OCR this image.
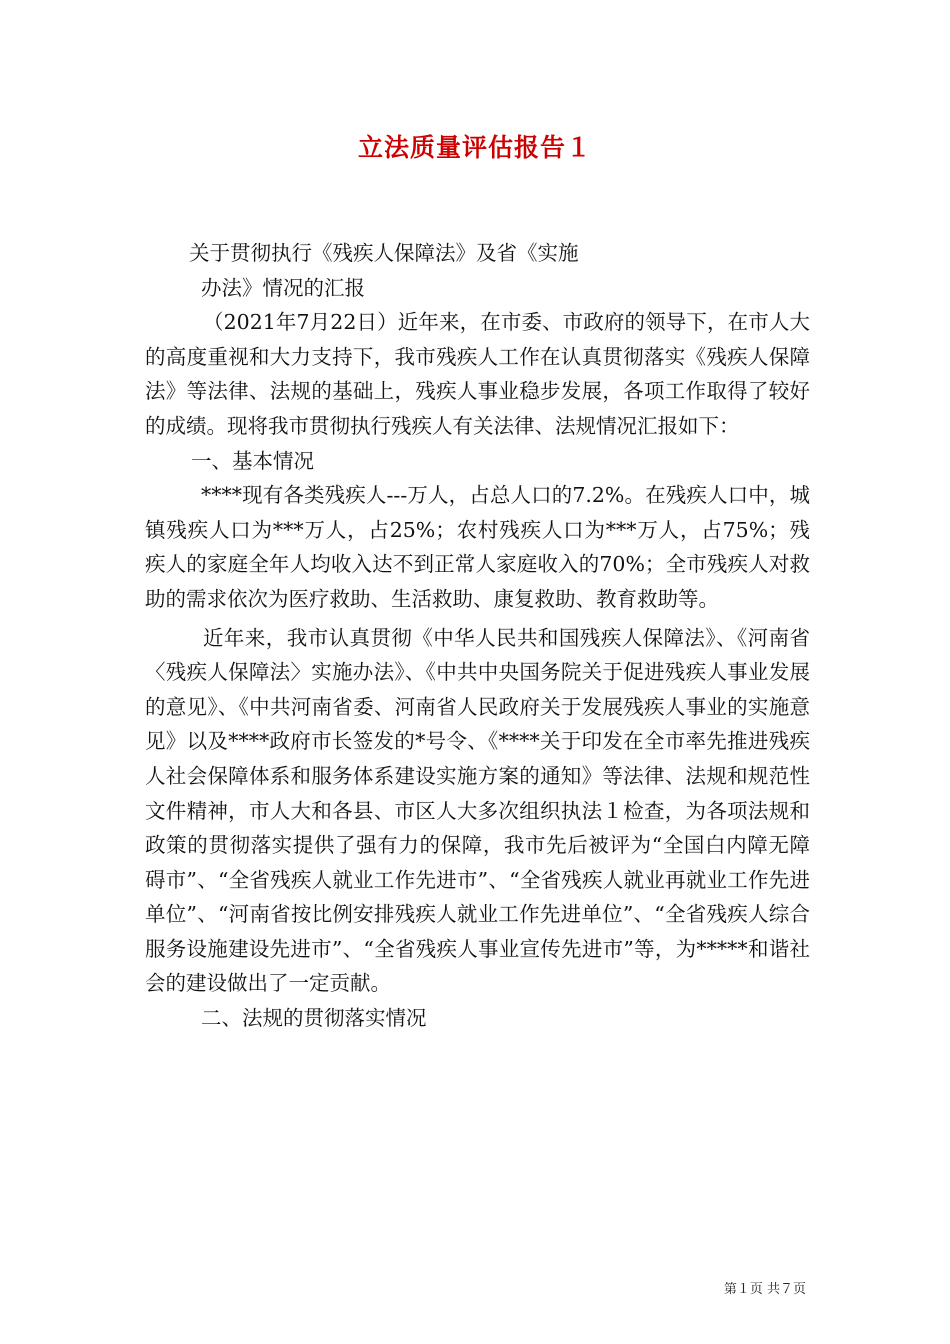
立法质量评估报告１

关于贯彻执行《残疾人保障法》及省《实施

办法》情况的汇报

（2021年7月22日）近年来，在市委、市政府的领导下，在市人大的高度重视和大力支持下，我市残疾人工作在认真贯彻落实《残疾人保障法》等法律、法规的基础上，残疾人事业稳步发展，各项工作取得了较好的成绩。现将我市贯彻执行残疾人有关法律、法规情况汇报如下：

一、基本情况

****现有各类残疾人---万人，占总人口的7.2%。在残疾人口中，城镇残疾人口为***万人，占25%；农村残疾人口为***万人，占75%；残疾人的家庭全年人均收入达不到正常人家庭收入的70%；全市残疾人对救助的需求依次为医疗救助、生活救助、康复救助、教育救助等。

近年来，我市认真贯彻《中华人民共和国残疾人保障法》、《河南省〈残疾人保障法〉实施办法》、《中共中央国务院关于促进残疾人事业发展的意见》、《中共河南省委、河南省人民政府关于发展残疾人事业的实施意见》以及****政府市长签发的*号令、《****关于印发在全市率先推进残疾人社会保障体系和服务体系建设实施方案的通知》等法律、法规和规范性文件精神，市人大和各县、市区人大多次组织执法１检查，为各项法规和政策的贯彻落实提供了强有力的保障，我市先后被评为“全国白内障无障碍市”、“全省残疾人就业工作先进市”、“全省残疾人就业再就业工作先进单位”、“河南省按比例安排残疾人就业工作先进单位”、“全省残疾人综合服务设施建设先进市”、“全省残疾人事业宣传先进市”等，为*****和谐社会的建设做出了一定贡献。

二、法规的贯彻落实情况

第１页 共７页
